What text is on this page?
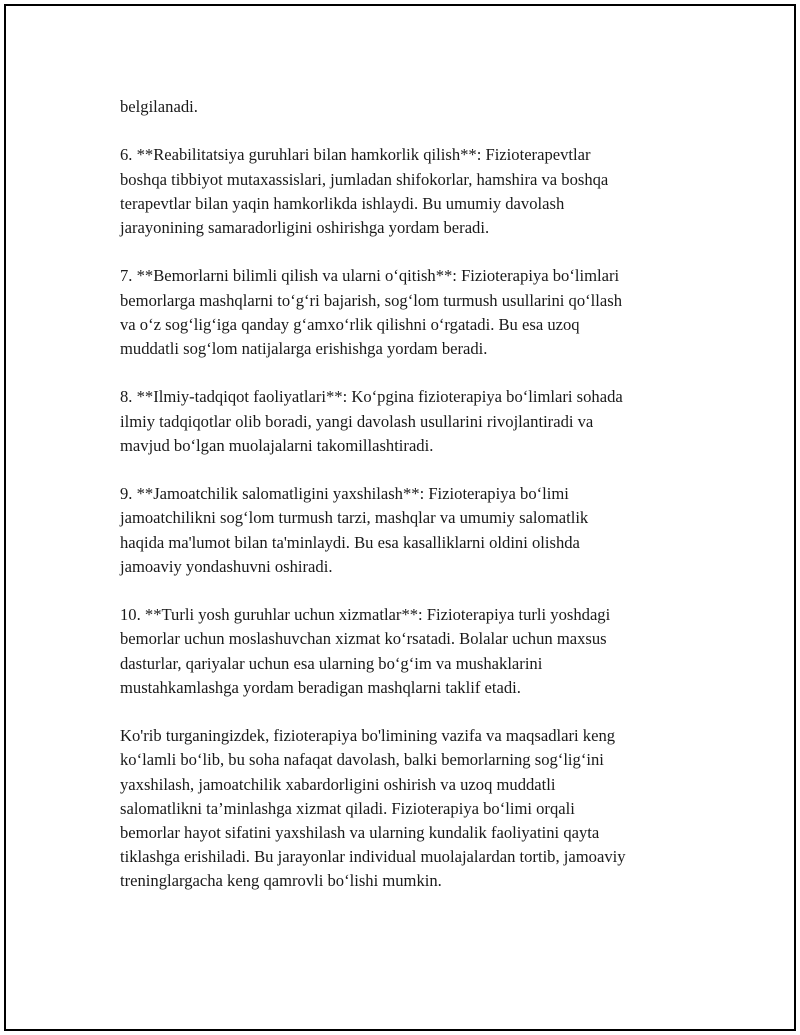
belgilanadi.

6. **Reabilitatsiya guruhlari bilan hamkorlik qilish**: Fizioterapevtlar
boshqa tibbiyot mutaxassislari, jumladan shifokorlar, hamshira va boshqa
terapevtlar bilan yaqin hamkorlikda ishlaydi. Bu umumiy davolash
jarayonining samaradorligini oshirishga yordam beradi.

7. **Bemorlarni bilimli qilish va ularni o‘qitish**: Fizioterapiya bo‘limlari
bemorlarga mashqlarni to‘g‘ri bajarish, sog‘lom turmush usullarini qo‘llash
va o‘z sog‘lig‘iga qanday g‘amxo‘rlik qilishni o‘rgatadi. Bu esa uzoq
muddatli sog‘lom natijalarga erishishga yordam beradi.

8. **Ilmiy-tadqiqot faoliyatlari**: Ko‘pgina fizioterapiya bo‘limlari sohada
ilmiy tadqiqotlar olib boradi, yangi davolash usullarini rivojlantiradi va
mavjud bo‘lgan muolajalarni takomillashtiradi.

9. **Jamoatchilik salomatligini yaxshilash**: Fizioterapiya bo‘limi
jamoatchilikni sog‘lom turmush tarzi, mashqlar va umumiy salomatlik
haqida ma'lumot bilan ta'minlaydi. Bu esa kasalliklarni oldini olishda
jamoaviy yondashuvni oshiradi.

10. **Turli yosh guruhlar uchun xizmatlar**: Fizioterapiya turli yoshdagi
bemorlar uchun moslashuvchan xizmat ko‘rsatadi. Bolalar uchun maxsus
dasturlar, qariyalar uchun esa ularning bo‘g‘im va mushaklarini
mustahkamlashga yordam beradigan mashqlarni taklif etadi.

Ko'rib turganingizdek, fizioterapiya bo'limining vazifa va maqsadlari keng
ko‘lamli bo‘lib, bu soha nafaqat davolash, balki bemorlarning sog‘lig‘ini
yaxshilash, jamoatchilik xabardorligini oshirish va uzoq muddatli
salomatlikni ta’minlashga xizmat qiladi. Fizioterapiya bo‘limi orqali
bemorlar hayot sifatini yaxshilash va ularning kundalik faoliyatini qayta
tiklashga erishiladi. Bu jarayonlar individual muolajalardan tortib, jamoaviy
treninglargacha keng qamrovli bo‘lishi mumkin.
